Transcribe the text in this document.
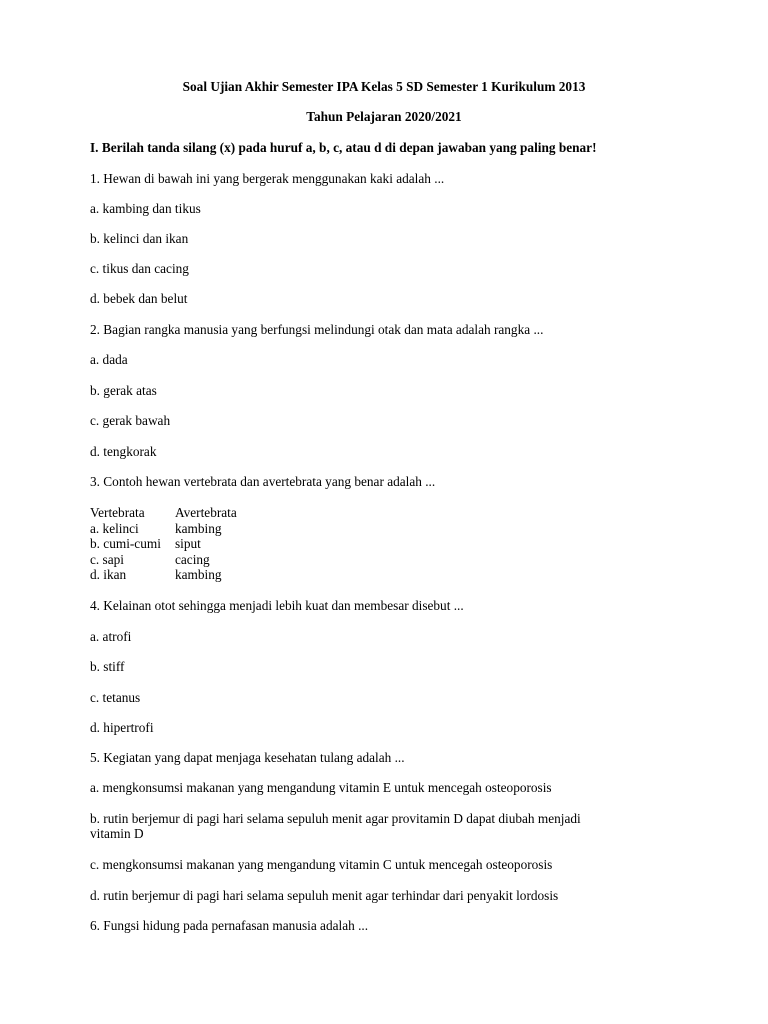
Soal Ujian Akhir Semester IPA Kelas 5 SD Semester 1 Kurikulum 2013
Tahun Pelajaran 2020/2021
I. Berilah tanda silang (x) pada huruf a, b, c, atau d di depan jawaban yang paling benar!
1. Hewan di bawah ini yang bergerak menggunakan kaki adalah ...
a. kambing dan tikus
b. kelinci dan ikan
c. tikus dan cacing
d. bebek dan belut
2. Bagian rangka manusia yang berfungsi melindungi otak dan mata adalah rangka ...
a. dada
b. gerak atas
c. gerak bawah
d. tengkorak
3. Contoh hewan vertebrata dan avertebrata yang benar adalah ...
Vertebrata Avertebrata
a. kelinci	kambing
b. cumi-cumi siput
c. sapi	cacing
d. ikan	kambing
4. Kelainan otot sehingga menjadi lebih kuat dan membesar disebut ...
a. atrofi
b. stiff
c. tetanus
d. hipertrofi
5. Kegiatan yang dapat menjaga kesehatan tulang adalah ...
a. mengkonsumsi makanan yang mengandung vitamin E untuk mencegah osteoporosis
b. rutin berjemur di pagi hari selama sepuluh menit agar provitamin D dapat diubah menjadi
vitamin D
c. mengkonsumsi makanan yang mengandung vitamin C untuk mencegah osteoporosis
d. rutin berjemur di pagi hari selama sepuluh menit agar terhindar dari penyakit lordosis
6. Fungsi hidung pada pernafasan manusia adalah ...
